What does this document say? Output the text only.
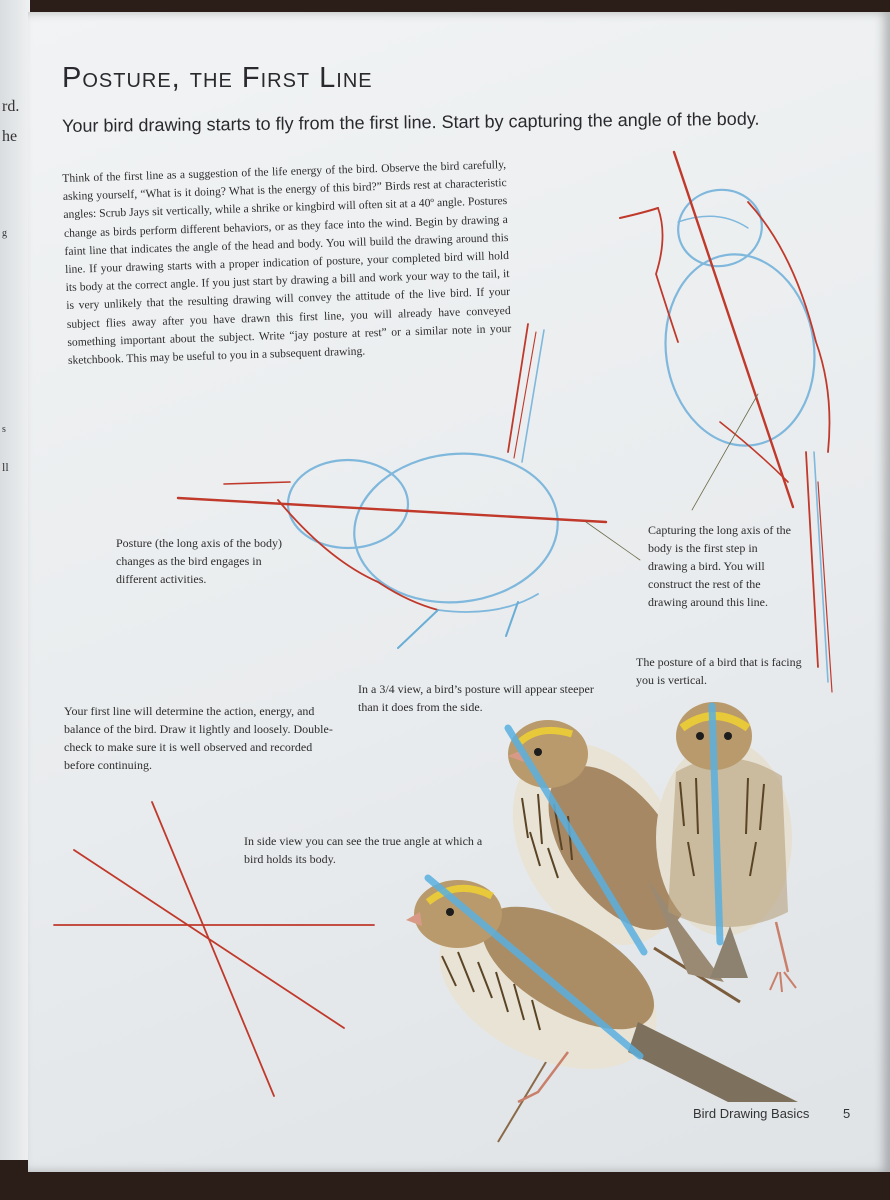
rd.
he
g
s
ll
Posture, the First Line

Your bird drawing starts to fly from the first line. Start by capturing the angle of the body.

Think of the first line as a suggestion of the life energy of the bird. Observe the bird carefully, asking yourself, “What is it doing? What is the energy of this bird?” Birds rest at characteristic angles: Scrub Jays sit vertically, while a shrike or kingbird will often sit at a 40º angle. Postures change as birds perform different behaviors, or as they face into the wind. Begin by drawing a faint line that indicates the angle of the head and body. You will build the drawing around this line. If your drawing starts with a proper indication of posture, your completed bird will hold its body at the correct angle. If you just start by drawing a bill and work your way to the tail, it is very unlikely that the resulting drawing will convey the attitude of the live bird. If your subject flies away after you have drawn this first line, you will already have conveyed something important about the subject. Write “jay posture at rest” or a similar note in your sketchbook. This may be useful to you in a subsequent drawing.

Posture (the long axis of the body) changes as the bird engages in different activities.

Capturing the long axis of the body is the first step in drawing a bird. You will construct the rest of the drawing around this line.

The posture of a bird that is facing you is vertical.

In a 3/4 view, a bird’s posture will appear steeper than it does from the side.

Your first line will determine the action, energy, and balance of the bird. Draw it lightly and loosely. Double-check to make sure it is well observed and recorded before continuing.

In side view you can see the true angle at which a bird holds its body.

Bird Drawing Basics	5
